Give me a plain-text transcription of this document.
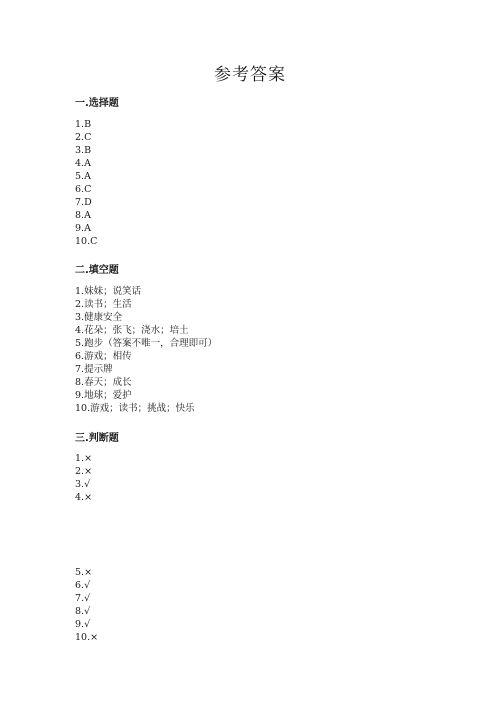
参考答案
一.选择题
1.B
2.C
3.B
4.A
5.A
6.C
7.D
8.A
9.A
10.C
二.填空题
1.妹妹；说笑话
2.读书；生活
3.健康安全
4.花朵；张飞；浇水；培土
5.跑步（答案不唯一，合理即可）
6.游戏；相传
7.提示牌
8.春天；成长
9.地球；爱护
10.游戏；读书；挑战；快乐
三.判断题
1.×
2.×
3.√
4.×
5.×
6.√
7.√
8.√
9.√
10.×
